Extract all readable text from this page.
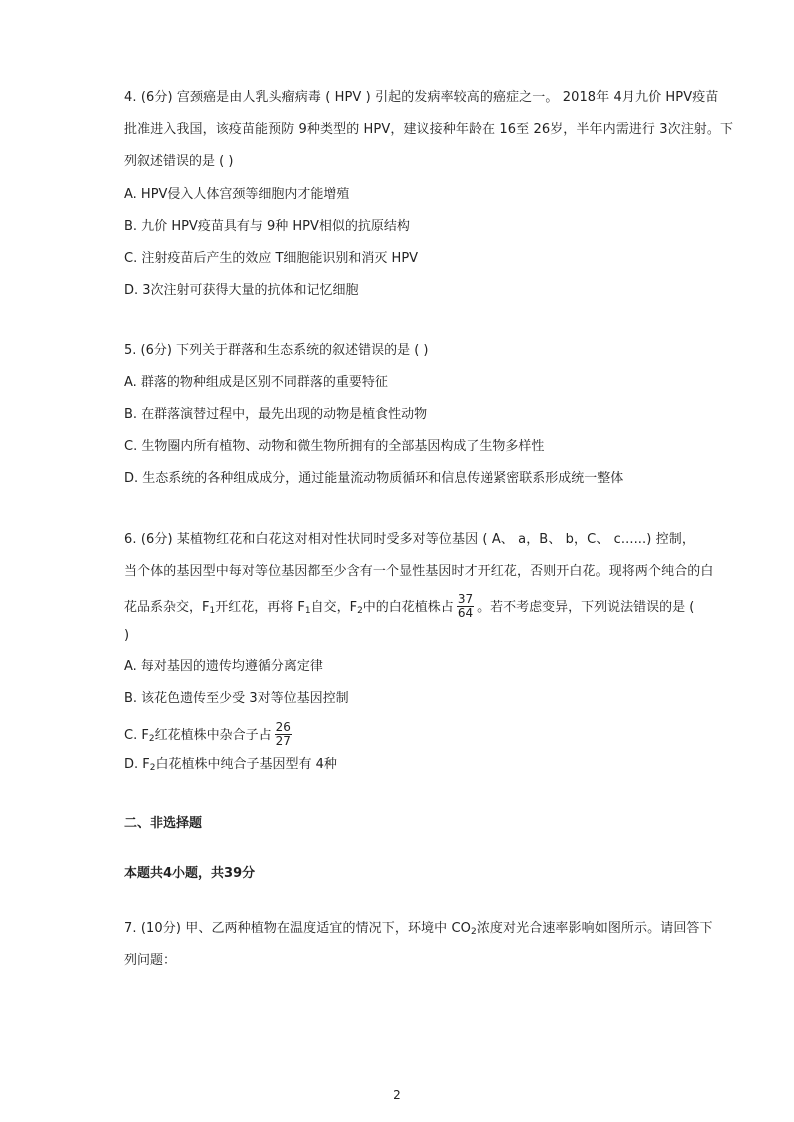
4. (6分) 宫颈癌是由人乳头瘤病毒 ( HPV ) 引起的发病率较高的癌症之一。 2018年 4月九价 HPV疫苗
批准进入我国，该疫苗能预防 9种类型的 HPV，建议接种年龄在 16至 26岁，半年内需进行 3次注射。下
列叙述错误的是 ( )
A. HPV侵入人体宫颈等细胞内才能增殖
B. 九价 HPV疫苗具有与 9种 HPV相似的抗原结构
C. 注射疫苗后产生的效应 T细胞能识别和消灭 HPV
D. 3次注射可获得大量的抗体和记忆细胞
5. (6分) 下列关于群落和生态系统的叙述错误的是 ( )
A. 群落的物种组成是区别不同群落的重要特征
B. 在群落演替过程中，最先出现的动物是植食性动物
C. 生物圈内所有植物、动物和微生物所拥有的全部基因构成了生物多样性
D. 生态系统的各种组成成分，通过能量流动物质循环和信息传递紧密联系形成统一整体
6. (6分) 某植物红花和白花这对相对性状同时受多对等位基因 ( A、 a，B、 b，C、 c......) 控制，
当个体的基因型中每对等位基因都至少含有一个显性基因时才开红花，否则开白花。现将两个纯合的白
花品系杂交，$F_1$开红花，再将 $F_1$自交，$F_2$中的白花植株占 $\frac{37}{64}$ 。若不考虑变异，下列说法错误的是 (
)
A. 每对基因的遗传均遵循分离定律
B. 该花色遗传至少受 3对等位基因控制
C. $F_2$红花植株中杂合子占 $\frac{26}{27}$
D. $F_2$白花植株中纯合子基因型有 4种
二、非选择题
本题共4小题，共39分
7. (10分) 甲、乙两种植物在温度适宜的情况下，环境中 $CO_2$浓度对光合速率影响如图所示。请回答下
列问题：
2
